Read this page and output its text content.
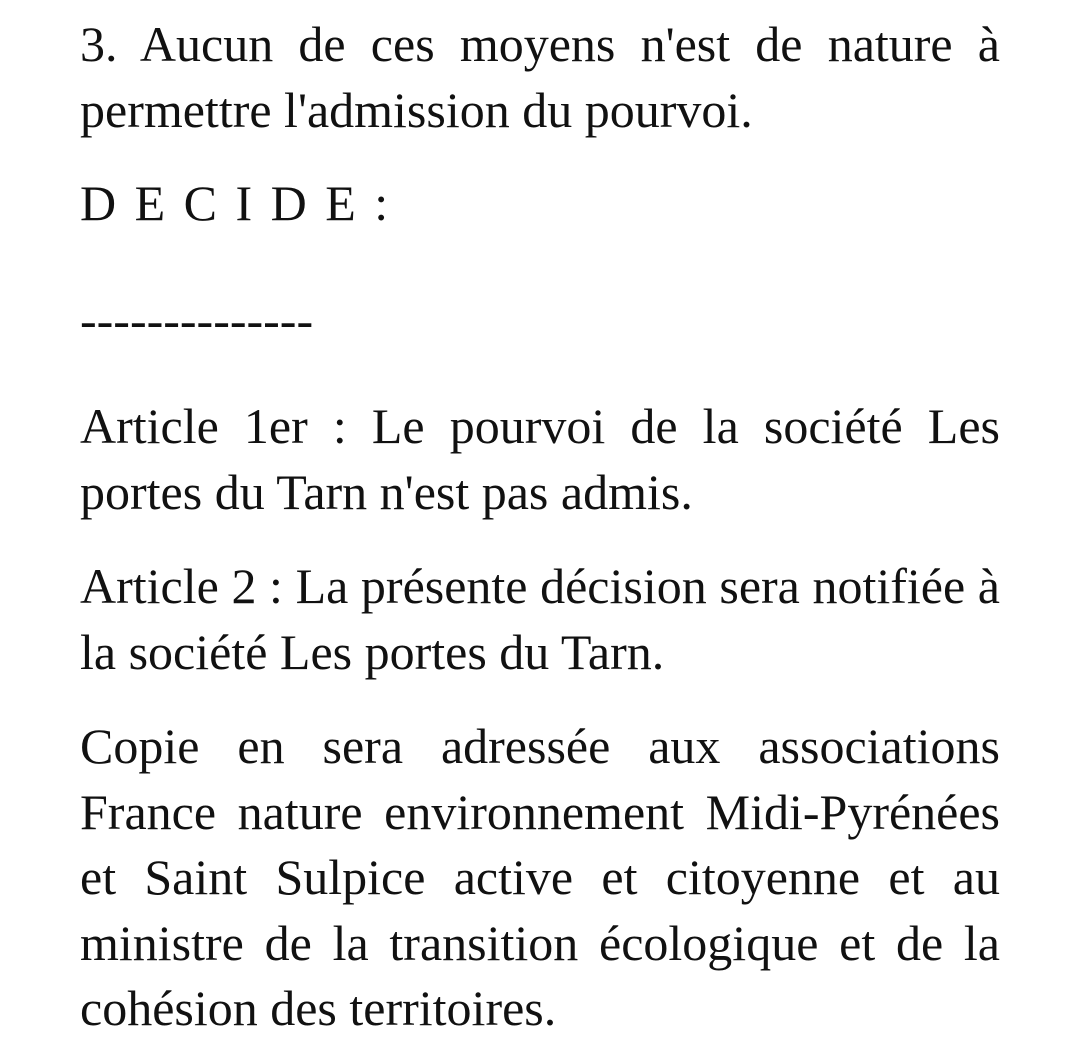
3. Aucun de ces moyens n'est de nature à permettre l'admission du pourvoi.

D E C I D E :

--------------

Article 1er : Le pourvoi de la société Les portes du Tarn n'est pas admis.

Article 2 : La présente décision sera notifiée à la société Les portes du Tarn.

Copie en sera adressée aux associations France nature environnement Midi-Pyrénées et Saint Sulpice active et citoyenne et au ministre de la transition écologique et de la cohésion des territoires.
